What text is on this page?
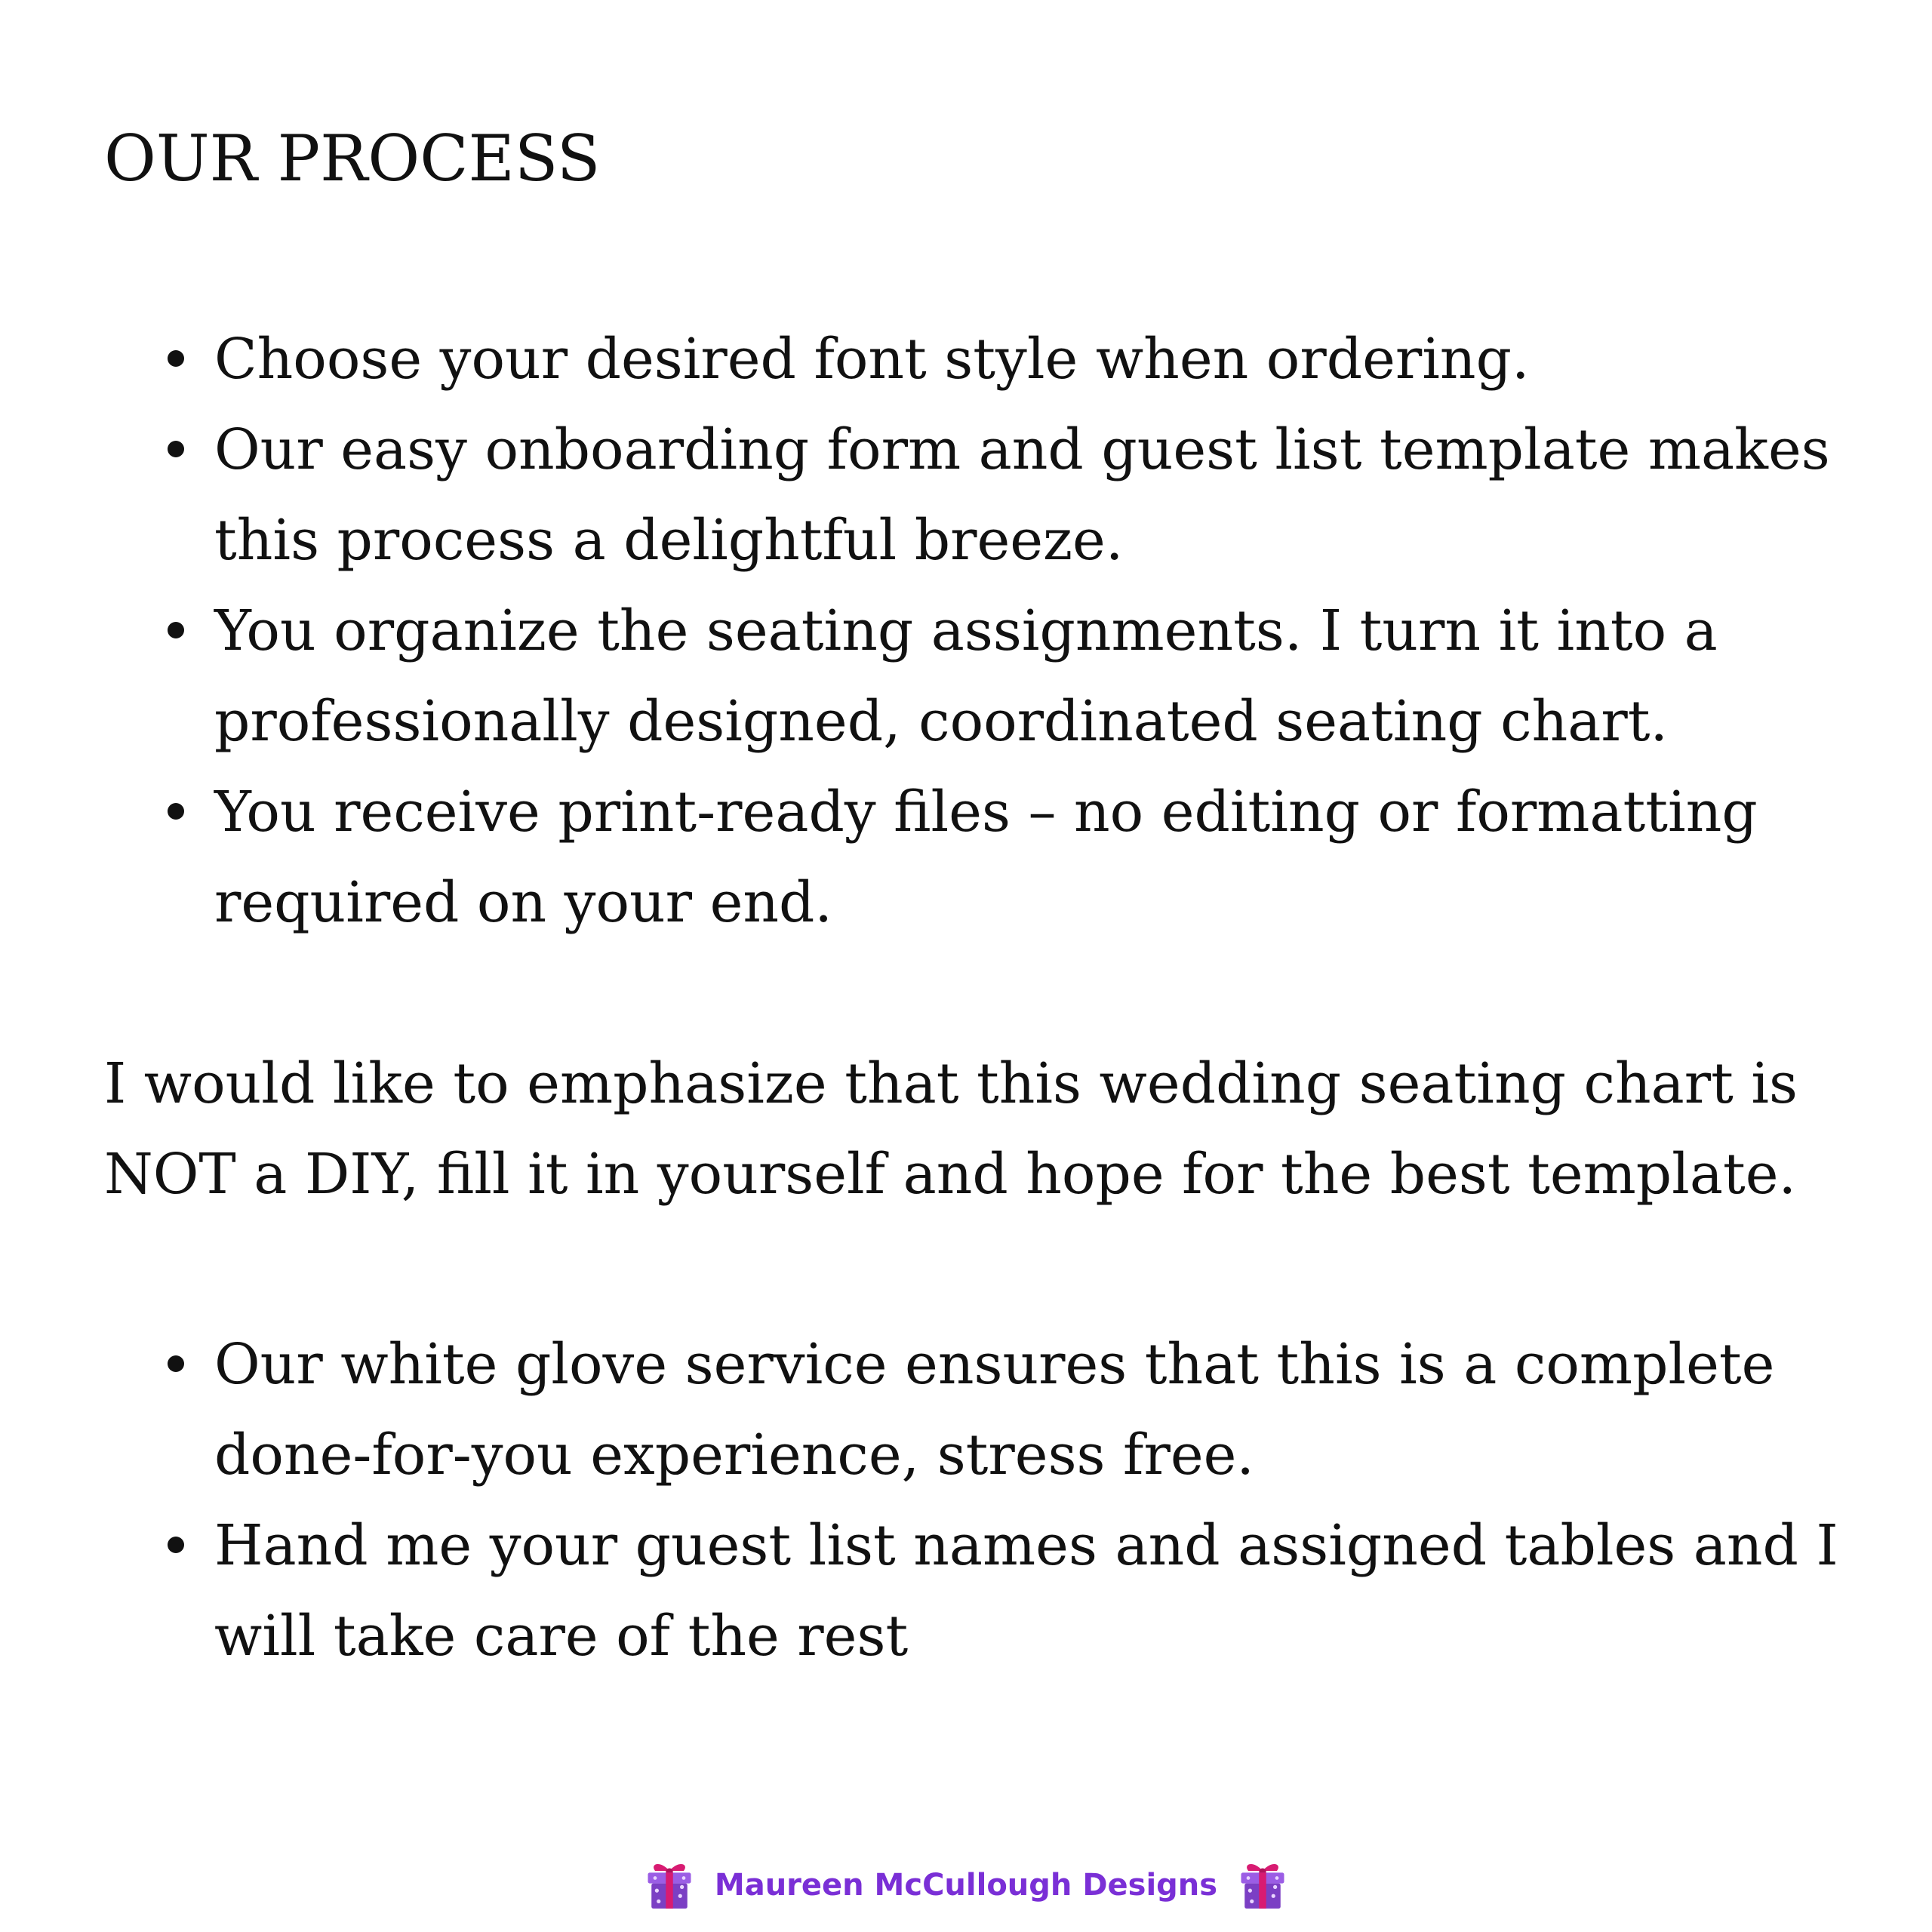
OUR PROCESS
Choose your desired font style when ordering.
Our easy onboarding form and guest list template makes this process a delightful breeze.
You organize the seating assignments. I turn it into a professionally designed, coordinated seating chart.
You receive print-ready files – no editing or formatting required on your end.

I would like to emphasize that this wedding seating chart is NOT a DIY, fill it in yourself and hope for the best template.

Our white glove service ensures that this is a complete done-for-you experience, stress free.
Hand me your guest list names and assigned tables and I will take care of the rest
Maureen McCullough Designs
